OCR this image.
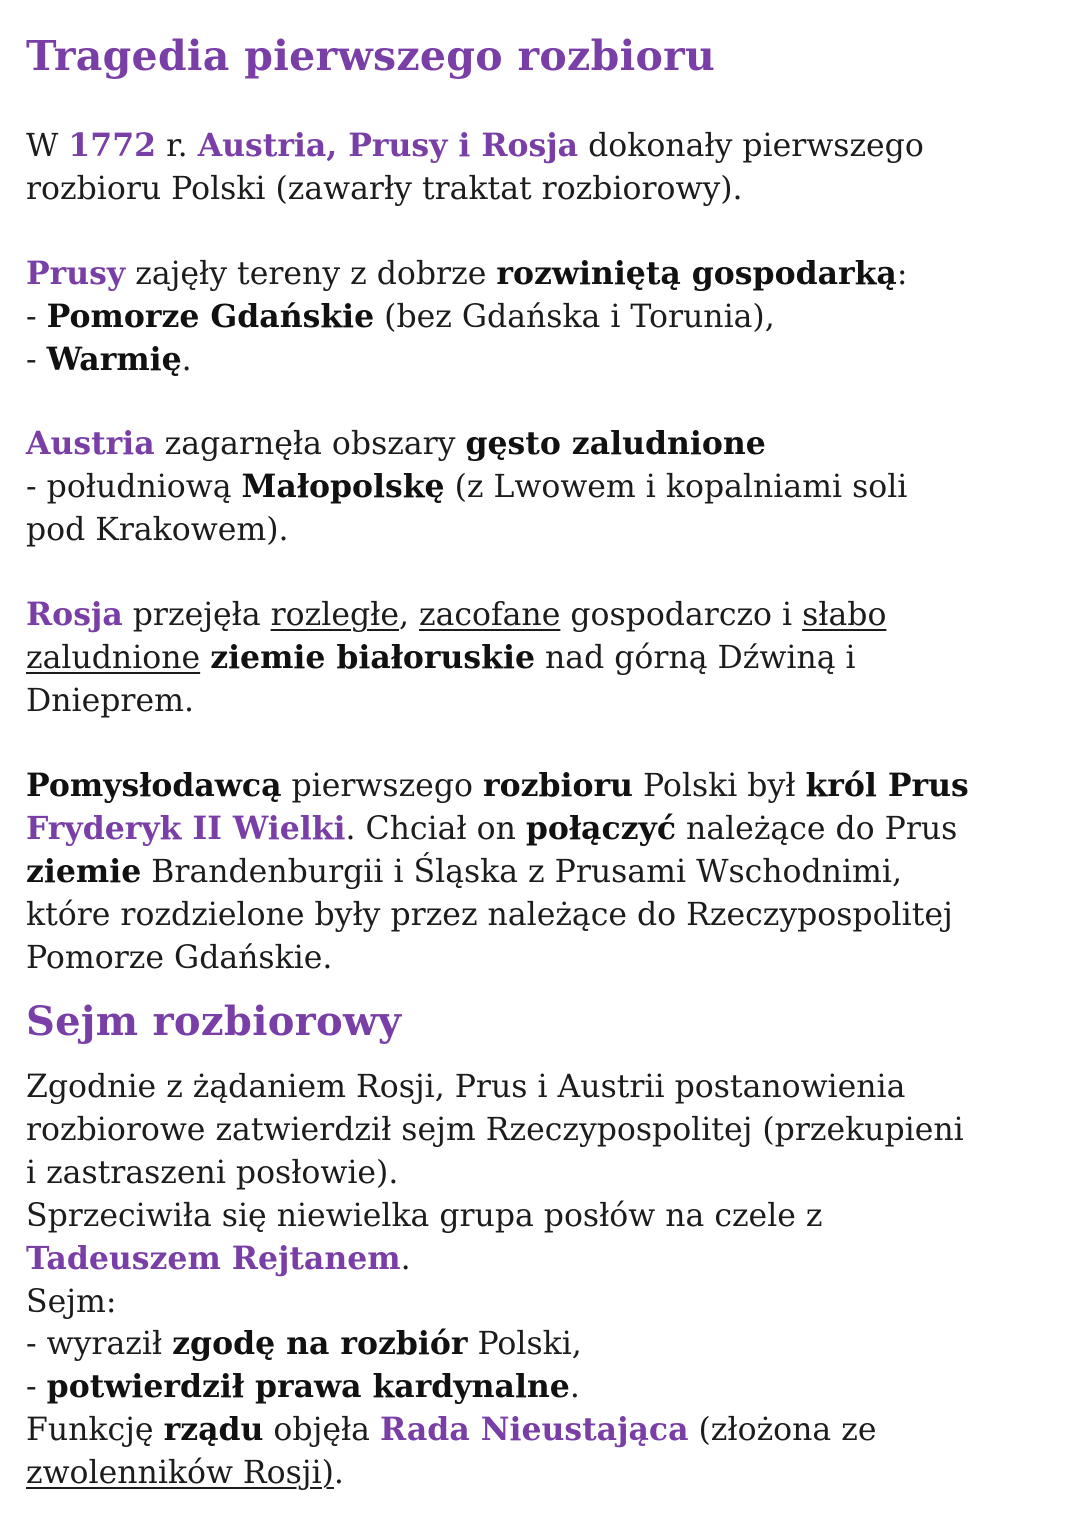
Tragedia pierwszego rozbioru

W 1772 r. Austria, Prusy i Rosja dokonały pierwszego

rozbioru Polski (zawarły traktat rozbiorowy).

Prusy zajęły tereny z dobrze rozwiniętą gospodarką:

- Pomorze Gdańskie (bez Gdańska i Torunia),

- Warmię.

Austria zagarnęła obszary gęsto zaludnione

- południową Małopolskę (z Lwowem i kopalniami soli

pod Krakowem).

Rosja przejęła rozległe, zacofane gospodarczo i słabo

zaludnione ziemie białoruskie nad górną Dźwiną i

Dnieprem.

Pomysłodawcą pierwszego rozbioru Polski był król Prus

Fryderyk II Wielki. Chciał on połączyć należące do Prus

ziemie Brandenburgii i Śląska z Prusami Wschodnimi,

które rozdzielone były przez należące do Rzeczypospolitej

Pomorze Gdańskie.

Sejm rozbiorowy

Zgodnie z żądaniem Rosji, Prus i Austrii postanowienia

rozbiorowe zatwierdził sejm Rzeczypospolitej (przekupieni

i zastraszeni posłowie).

Sprzeciwiła się niewielka grupa posłów na czele z

Tadeuszem Rejtanem.

Sejm:

- wyraził zgodę na rozbiór Polski,

- potwierdził prawa kardynalne.

Funkcję rządu objęła Rada Nieustająca (złożona ze

zwolenników Rosji).
